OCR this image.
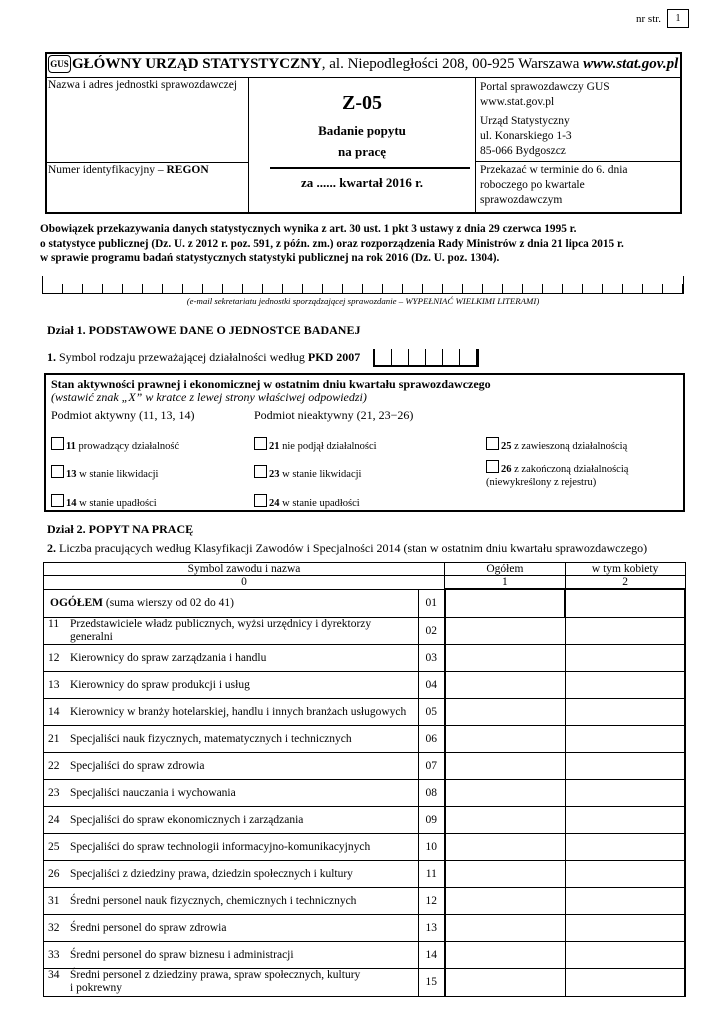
nr str.	1
GUS GŁÓWNY URZĄD STATYSTYCZNY, al. Niepodległości 208, 00-925 Warszawa www.stat.gov.pl
Nazwa i adres jednostki sprawozdawczej
Numer identyfikacyjny – REGON
Z-05
Badanie popytu
na pracę
za ...... kwartał 2016 r.
Portal sprawozdawczy GUS
www.stat.gov.pl
Urząd Statystyczny
ul. Konarskiego 1-3
85-066 Bydgoszcz
Przekazać w terminie do 6. dnia
roboczego po kwartale
sprawozdawczym
Obowiązek przekazywania danych statystycznych wynika z art. 30 ust. 1 pkt 3 ustawy z dnia 29 czerwca 1995 r.
o statystyce publicznej (Dz. U. z 2012 r. poz. 591, z późn. zm.) oraz rozporządzenia Rady Ministrów z dnia 21 lipca 2015 r.
w sprawie programu badań statystycznych statystyki publicznej na rok 2016 (Dz. U. poz. 1304).
(e-mail sekretariatu jednostki sporządzającej sprawozdanie – WYPEŁNIAĆ WIELKIMI LITERAMI)
Dział 1. PODSTAWOWE DANE O JEDNOSTCE BADANEJ
1. Symbol rodzaju przeważającej działalności według PKD 2007
Stan aktywności prawnej i ekonomicznej w ostatnim dniu kwartału sprawozdawczego
(wstawić znak „X” w kratce z lewej strony właściwej odpowiedzi)
Podmiot aktywny (11, 13, 14)	Podmiot nieaktywny (21, 23−26)
11 prowadzący działalność	21 nie podjął działalności	25 z zawieszoną działalnością
13 w stanie likwidacji	23 w stanie likwidacji	26 z zakończoną działalnością
(niewykreślony z rejestru)
14 w stanie upadłości	24 w stanie upadłości
Dział 2. POPYT NA PRACĘ
2. Liczba pracujących według Klasyfikacji Zawodów i Specjalności 2014 (stan w ostatnim dniu kwartału sprawozdawczego)
Symbol zawodu i nazwa		Ogółem	w tym kobiety
0		1	2
OGÓŁEM (suma wierszy od 02 do 41)	01		

11 Przedstawiciele władz publicznych, wyżsi urzędnicy i dyrektorzy
generalni	02		
12 Kierownicy do spraw zarządzania i handlu	03		
13 Kierownicy do spraw produkcji i usług	04		
14 Kierownicy w branży hotelarskiej, handlu i innych branżach usługowych	05		
21 Specjaliści nauk fizycznych, matematycznych i technicznych	06		
22 Specjaliści do spraw zdrowia	07		
23 Specjaliści nauczania i wychowania	08		
24 Specjaliści do spraw ekonomicznych i zarządzania	09		
25 Specjaliści do spraw technologii informacyjno-komunikacyjnych	10		
26 Specjaliści z dziedziny prawa, dziedzin społecznych i kultury	11		
31 Średni personel nauk fizycznych, chemicznych i technicznych	12		
32 Średni personel do spraw zdrowia	13		
33 Średni personel do spraw biznesu i administracji	14		

34 Średni personel z dziedziny prawa, spraw społecznych, kultury
i pokrewny	15		
